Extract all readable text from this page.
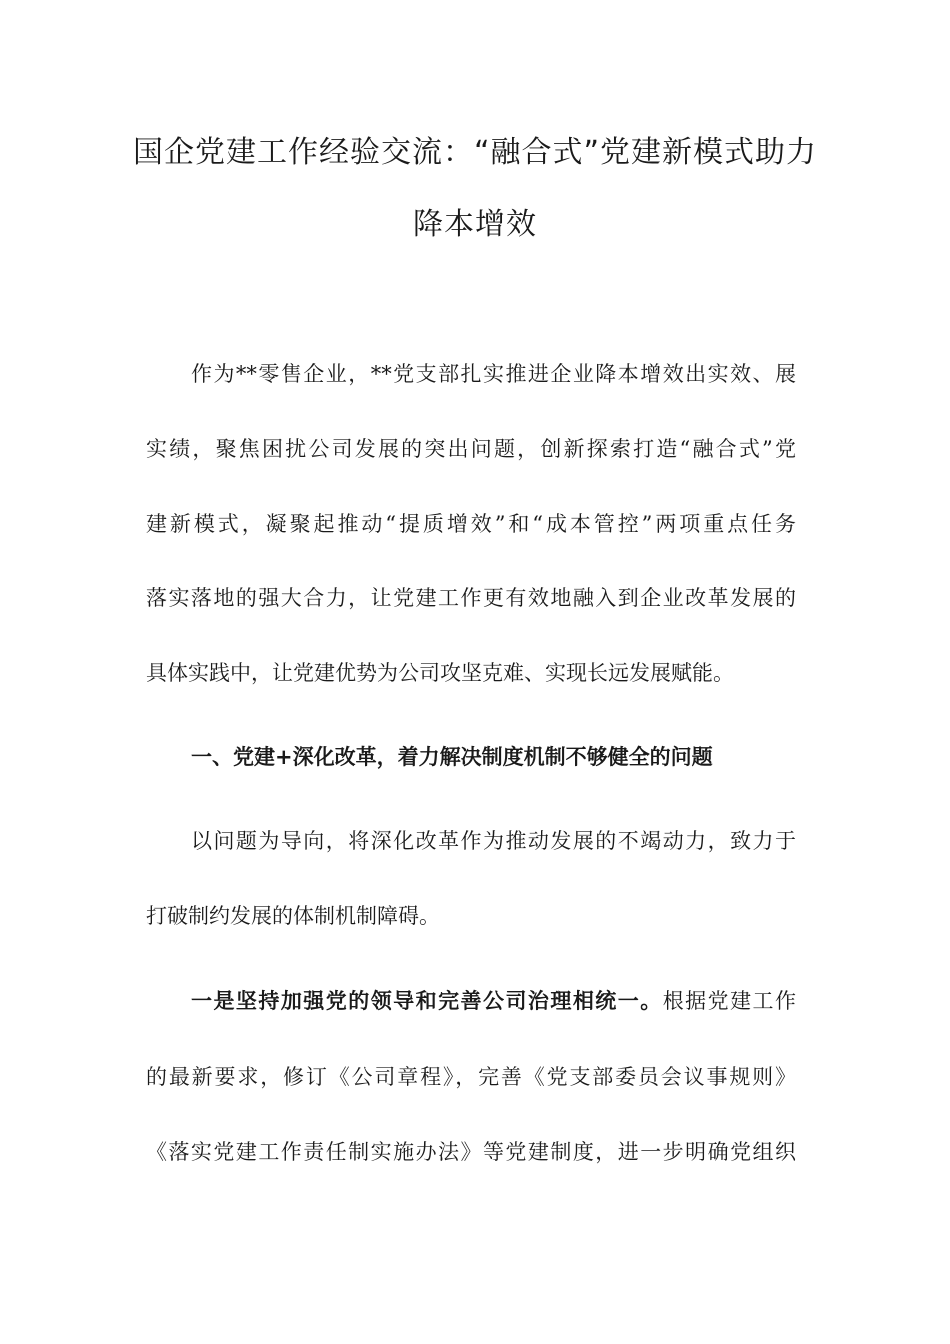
国企党建工作经验交流：“融合式”党建新模式助力
降本增效
作为**零售企业，**党支部扎实推进企业降本增效出实效、展
实绩，聚焦困扰公司发展的突出问题，创新探索打造“融合式”党
建新模式，凝聚起推动“提质增效”和“成本管控”两项重点任务
落实落地的强大合力，让党建工作更有效地融入到企业改革发展的
具体实践中，让党建优势为公司攻坚克难、实现长远发展赋能。
一、党建+深化改革，着力解决制度机制不够健全的问题
以问题为导向，将深化改革作为推动发展的不竭动力，致力于
打破制约发展的体制机制障碍。
一是坚持加强党的领导和完善公司治理相统一。根据党建工作
的最新要求，修订《公司章程》，完善《党支部委员会议事规则》
《落实党建工作责任制实施办法》等党建制度，进一步明确党组织
